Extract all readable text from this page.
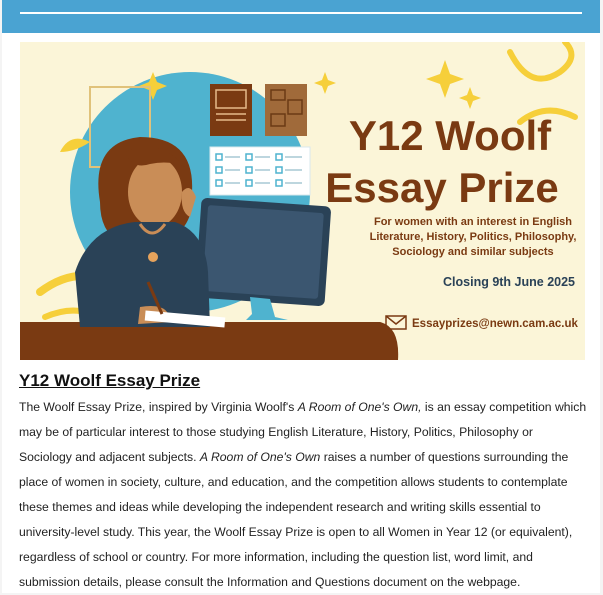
Y12 Woolf
Essay Prize
For women with an interest in English
Literature, History, Politics, Philosophy,
Sociology and similar subjects
Closing 9th June 2025
Essayprizes@newn.cam.ac.uk
Y12 Woolf Essay Prize

The Woolf Essay Prize, inspired by Virginia Woolf's A Room of One's Own, is an essay competition which may be of particular interest to those studying English Literature, History, Politics, Philosophy or Sociology and adjacent subjects. A Room of One's Own raises a number of questions surrounding the place of women in society, culture, and education, and the competition allows students to contemplate these themes and ideas while developing the independent research and writing skills essential to university-level study. This year, the Woolf Essay Prize is open to all Women in Year 12 (or equivalent), regardless of school or country. For more information, including the question list, word limit, and submission details, please consult the Information and Questions document on the webpage.
